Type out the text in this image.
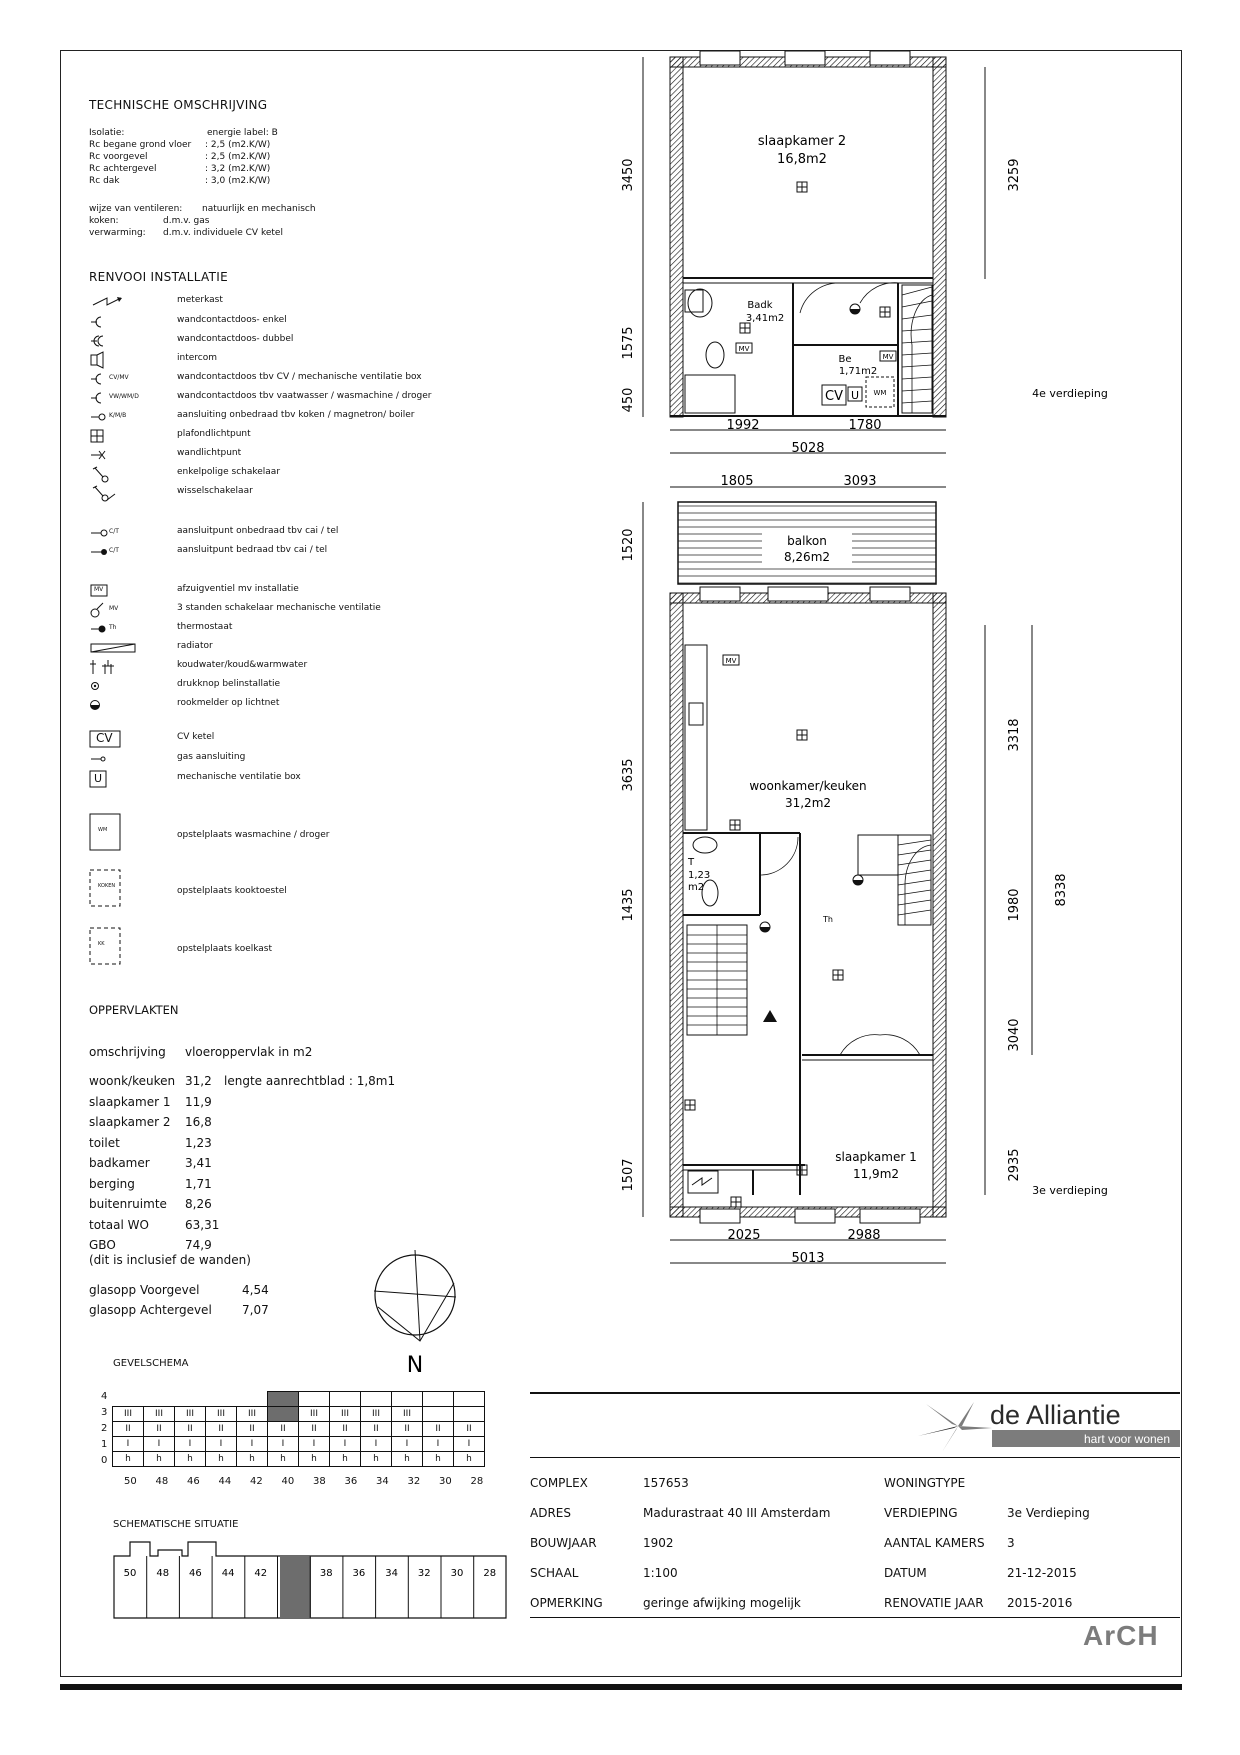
TECHNISCHE OMSCHRIJVING
Isolatie:	energie label: B
Rc begane grond vloer : 2,5 (m2.K/W)
Rc voorgevel	: 2,5 (m2.K/W)
Rc achtergevel	: 3,2 (m2.K/W)
Rc dak	: 3,0 (m2.K/W)
wijze van ventileren: natuurlijk en mechanisch
koken:	d.m.v. gas
verwarming: d.m.v. individuele CV ketel
RENVOOI INSTALLATIE
meterkast
wandcontactdoos- enkel
wandcontactdoos- dubbel
intercom
CV/MV	wandcontactdoos tbv CV / mechanische ventilatie box
VW/WM/D	wandcontactdoos tbv vaatwasser / wasmachine / droger
K/M/B	aansluiting onbedraad tbv koken / magnetron/ boiler
plafondlichtpunt
wandlichtpunt
enkelpolige schakelaar
wisselschakelaar
C/T	aansluitpunt onbedraad tbv cai / tel
C/T	aansluitpunt bedraad tbv cai / tel
MV	afzuigventiel mv installatie
MV	3 standen schakelaar mechanische ventilatie
Th	thermostaat
radiator
koudwater/koud&warmwater
drukknop belinstallatie
rookmelder op lichtnet
CV	CV ketel
gas aansluiting
U	mechanische ventilatie box
WM	opstelplaats wasmachine / droger
KOKEN	opstelplaats kooktoestel
KK	opstelplaats koelkast
OPPERVLAKTEN
omschrijving vloeroppervlak in m2
woonk/keuken 31,2 lengte aanrechtblad : 1,8m1
slaapkamer 1 11,9
slaapkamer 2 16,8
toilet	1,23
badkamer	3,41
berging	1,71
buitenruimte 8,26
totaal WO	63,31
GBO	74,9
(dit is inclusief de wanden)
glasopp Voorgevel	4,54
glasopp Achtergevel	7,07
N
GEVELSCHEMA
4
3
2
1
0

III	III	III	III	III		III	III	III	III		
II	II	II	II	II	II	II	II	II	II	II	II
I	I	I	I	I	I	I	I	I	I	I	I
h	h	h	h	h	h	h	h	h	h	h	h
50 48 46 44 42 40 38 36 34 32 30 28
SCHEMATISCHE SITUATIE
50 48 46 44 42	38 36 34 32 30 28
slaapkamer 2
16,8m2
Badk
3,41m2
Be
1,71m2
MV
MV
CV U WM
3450
1575
450
3259
1992	1780
5028
4e verdieping
1805	3093
balkon
8,26m2
woonkamer/keuken
31,2m2
slaapkamer 1
11,9m2
T
1,23
m2
MV
Th
1520
3635
1435
1507
3318
1980
3040
2935
8338
2025	2988
5013
3e verdieping
de Alliantie
hart voor wonen
COMPLEX	157653
ADRES	Madurastraat 40 III Amsterdam
BOUWJAAR	1902
SCHAAL	1:100
OPMERKING	geringe afwijking mogelijk
WONINGTYPE
VERDIEPING	3e Verdieping
AANTAL KAMERS 3
DATUM	21-12-2015
RENOVATIE JAAR 2015-2016
ArCH
